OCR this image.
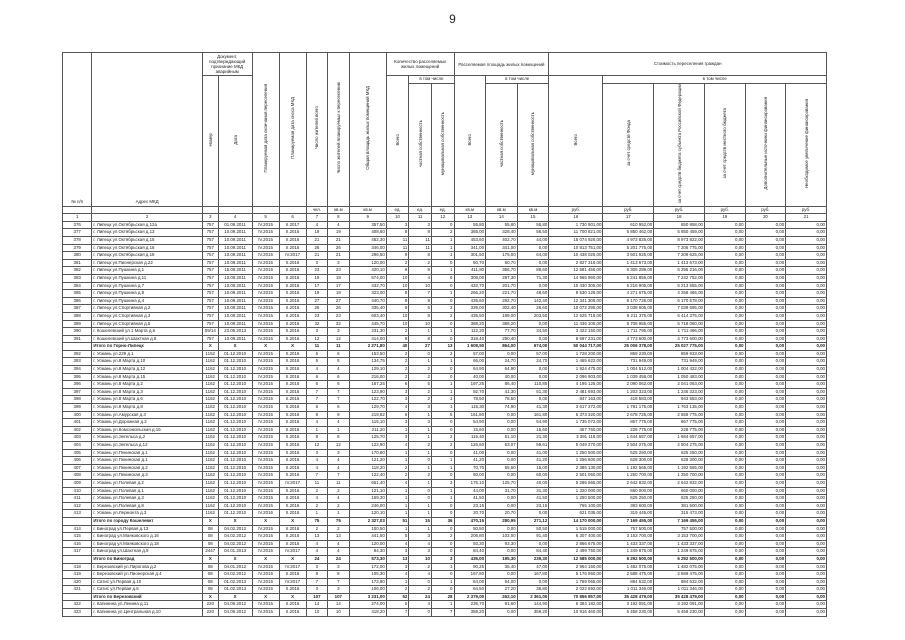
9
№ п/п	Адрес МКД	Документ, подтверждающий признание МКД аварийным		Планируемая дата окончания переселения	Планируемая дата сноса МКД	Число жителей всего	Число жителей планируемых к переселению	Общая площадь жилых помещений МКД	Количество расселяемых жилых помещений			Расселяемая площадь жилых помещений			Стоимость переселения граждан					
		Номер	Дата						Всего	в том числе		Всего	в том числе		Всего	в том числе				
										частная собственность	муниципальная собственность		частная собственность	муниципальная собственность		за счет средств Фонда	за счет средств бюджета субъекта Российской Федерации	за счет средств местного бюджета	Дополнительные источники финансирования	Необходимое увеличение финансирования
						чел.	кв.м	кв.м	ед.	ед.	ед.	кв.м	кв.м	кв.м	руб.	руб.	руб.	руб.	руб.	руб.
1	2	3	4	5	6	7	8	9	10	11	12	13	14	15	16	17	18	19	20	21
376	г. Липецк ул.Октябрьская д.12а	757	01.09.2011	IV.2015	II.2017	4	4	357,50	3	3	0	55,80	55,80	55,80	1 730 901,00	610 952,00	850 958,00	0,00	0,00	0,00
377	г. Липецк ул.Октябрьская д.13	757	10.09.2011	IV.2015	II.2016	19	19	408,60	8	8	2	365,00	328,40	56,50	11 700 821,00	5 850 462,00	5 850 459,00	0,00	0,00	0,00
378	г. Липецк ул.Октябрьская д.15	757	10.09.2011	IV.2015	II.2016	21	21	452,30	11	11	1	453,60	402,70	44,00	15 074 926,00	4 973 825,00	8 973 822,00	0,00	0,00	0,00
379	г. Липецк ул.Октябрьская д.16	757	10.09.2011	IV.2015	II.2016	26	26	346,00	11	11	1	341,00	341,00	0,00	10 813 751,00	5 201 775,00	7 206 775,00	0,00	0,00	0,00
380	г. Липецк ул.Октябрьская д.18	757	10.09.2011	IV.2015	IV.2017	21	21	296,50	9	8	1	301,50	175,00	64,00	10 438 026,00	3 501 925,00	7 209 625,00	0,00	0,00	0,00
381	г. Липецк ул.Пионерская д.22	757	10.09.2011	IV.2015	II.2016	3	3	120,00	2	2	0	60,70	60,70	0,00	2 827 316,00	1 413 673,00	1 413 673,00	0,00	0,00	0,00
382	г. Липецк ул.Пушкина д.1	757	15.09.2011	IV.2015	II.2016	23	23	420,10	9	8	1	411,80	356,70	88,60	12 591 456,00	6 305 289,00	6 295 216,00	0,00	0,00	0,00
383	г. Липецк ул.Пушкина д.11	757	10.09.2011	IV.2015	II.2016	19	19	574,00	10	4	6	308,00	297,30	71,30	14 965 990,00	5 241 855,00	7 242 752,00	0,00	0,00	0,00
384	г. Липецк ул.Пушкина д.7	757	10.09.2011	IV.2015	II.2016	17	17	432,70	10	10	0	432,70	201,70	0,00	10 430 305,00	5 216 905,00	5 213 555,00	0,00	0,00	0,00
385	г. Липецк ул.Пушкина д.9	757	10.09.2011	IV.2015	II.2016	19	19	323,00	8	7	1	266,20	221,70	48,60	8 530 126,00	4 271 675,00	4 258 466,00	0,00	0,00	0,00
386	г. Липецк ул.Пушкина д.4	757	10.09.2011	IV.2015	II.2016	27	27	440,70	9	9	0	436,60	292,70	142,40	12 341 306,00	6 170 728,00	6 170 578,00	0,00	0,00	0,00
387	г. Липецк ул.Спортивная д.2	757	10.09.2011	IV.2015	II.2016	26	26	335,40	9	6	3	339,00	302,40	26,60	10 072 295,00	3 038 605,00	7 039 695,00	0,00	0,00	0,00
388	г. Липецк ул.Спортивная д.3	757	10.09.2011	IV.2015	II.2016	23	23	603,40	10	8	2	435,50	199,00	203,50	12 625 718,00	6 211 375,00	6 414 375,00	0,00	0,00	0,00
389	г. Липецк ул.Спортивная д.5	757	10.09.2011	IV.2015	II.2016	32	32	445,70	10	10	0	388,20	388,20	0,00	11 436 105,00	5 708 955,00	5 718 060,00	0,00	0,00	0,00
390	г. Кошелевский ул.1 Марта д.6	09/14	23.05.2013	IV.2015	II.2016	3	3	231,30	2	1	1	112,20	77,70	34,50	3 422 150,00	1 711 795,00	1 711 496,00	0,00	0,00	0,00
391	г. Кошелевский ул.Шахтная д.8	757	10.09.2011	IV.2015	II.2016	12	12	414,00	8	8	0	318,40	290,40	0,00	8 697 231,00	4 773 600,00	4 773 600,00	0,00	0,00	0,00
	Итого по Горно-Липецк	X	X	X	X	11	11	2 271,80	40	27	13	1 608,50	864,00	674,00	50 044 717,00	25 006 378,00	25 027 775,00	0,00	0,00	0,00
392	г. Усмань ул.229 д.1	1152	01.12.2010	IV.2015	II.2016	6	6	153,50	2	0	2	57,00	0,00	57,00	1 728 200,00	869 230,00	859 933,00	0,00	0,00	0,00
393	г. Усмань ул.8 Марта д.10	1162	01.12.2010	IV.2015	II.2016	5	5	134,75	2	1	1	66,00	24,70	24,70	1 465 622,00	731 949,00	731 949,00	0,00	0,00	0,00
394	г. Усмань ул.8 Марта д.12	1162	01.12.2010	IV.2015	II.2016	4	4	129,10	2	2	0	64,90	64,90	0,00	1 924 475,00	1 004 512,00	1 004 422,00	0,00	0,00	0,00
395	г. Усмань ул.8 Марта д.15	1162	01.12.2010	IV.2015	II.2016	6	6	216,00	2	2	0	40,00	40,00	0,00	2 096 903,00	1 039 458,00	1 050 483,00	0,00	0,00	0,00
396	г. Усмань ул.8 Марта д.2	1162	01.12.2010	IV.2015	II.2016	6	6	167,25	6	5	1	197,25	86,40	110,85	4 195 125,00	2 090 062,00	2 041 063,00	0,00	0,00	0,00
397	г. Усмань ул.8 Марта д.3	1162	01.12.2010	IV.2015	II.2016	7	7	123,90	3	2	1	92,70	41,30	51,30	2 481 693,00	1 203 323,00	1 245 323,00	0,00	0,00	0,00
398	г. Усмань ул.8 Марта д.6	1162	01.12.2010	IV.2015	II.2016	7	7	122,70	3	2	1	78,50	78,50	0,00	847 163,00	416 583,00	943 583,00	0,00	0,00	0,00
399	г. Усмань ул.8 Марта д.8	1162	01.12.2010	IV.2015	II.2016	6	6	129,70	4	3	1	115,30	74,90	41,30	3 617 272,00	1 781 175,00	1 763 135,00	0,00	0,00	0,00
400	г. Усмань ул.Амурская д.3	1162	01.12.2010	IV.2015	II.2016	9	9	219,82	6	1	5	161,80	0,00	161,80	5 373 320,00	2 678 725,00	2 658 775,00	0,00	0,00	0,00
401	г. Усмань ул.Дорожная д.2	1162	01.12.2010	IV.2015	II.2016	4	4	115,10	3	3	0	54,90	0,00	54,90	1 735 072,00	867 775,00	867 775,00	0,00	0,00	0,00
402	г. Усмань ул.Комсомольская д.15	1162	01.12.2010	IV.2015	II.2016	1	1	211,20	1	1	0	15,60	0,00	15,60	457 750,00	228 775,00	228 775,00	0,00	0,00	0,00
403	г. Усмань ул.Энгельса д.2	1162	01.12.2010	IV.2015	II.2016	8	8	125,70	3	1	2	115,40	51,10	21,30	3 391 118,00	1 644 657,00	1 684 657,00	0,00	0,00	0,00
404	г. Усмань ул.Энгельса д.12	1162	01.12.2010	IV.2015	II.2016	12	12	122,90	4	2	2	126,60	63,07	59,61	5 049 270,00	2 504 275,00	2 504 275,00	0,00	0,00	0,00
405	г. Усмань ул.Пекинская д.1	1162	01.12.2010	IV.2015	II.2016	3	3	170,80	1	1	0	41,00	0,00	41,00	1 250 500,00	625 250,00	625 250,00	0,00	0,00	0,00
406	г. Усмань ул.Пекинская д.1	1162	01.12.2010	IV.2015	II.2016	4	4	121,20	1	0	1	41,20	0,00	41,20	1 256 600,00	628 300,00	628 300,00	0,00	0,00	0,00
407	г. Усмань ул.Пекинская д.2	1162	01.12.2010	IV.2015	II.2016	4	4	118,20	2	1	1	70,70	55,60	15,00	2 385 130,00	1 192 565,00	1 192 565,00	0,00	0,00	0,00
408	г. Усмань ул.Пекинская д.3	1162	01.12.2010	IV.2015	II.2016	7	7	122,40	2	2	0	60,00	0,00	60,00	2 501 050,00	1 250 700,00	1 250 700,00	0,00	0,00	0,00
409	г. Усмань ул.Полевая д.2	1162	01.12.2010	IV.2015	IV.2017	11	11	651,40	4	1	3	175,10	125,70	40,00	5 285 665,00	2 642 832,00	2 642 832,00	0,00	0,00	0,00
410	г. Усмань ул.Полевая д.1	1162	01.12.2010	IV.2015	II.2016	2	2	121,10	1	0	1	44,00	31,70	31,30	1 320 000,00	660 000,00	660 000,00	0,00	0,00	0,00
411	г. Усмань ул.Полевая д.3	1162	01.12.2010	IV.2015	II.2016	4	4	159,30	1	0	1	41,50	0,00	41,50	1 250 500,00	625 250,00	625 250,00	0,00	0,00	0,00
412	г. Усмань ул.Полевая д.8	1162	01.12.2010	IV.2015	II.2016	2	2	246,00	1	1	0	23,15	0,00	23,15	765 100,00	383 600,00	381 500,00	0,00	0,00	0,00
413	г. Усмань ул.Лермонта д.3	1162	01.12.2010	IV.2016	II.2016	1	1	120,10	1	1	0	20,70	20,70	0,00	621 035,00	319 445,00	315 473,00	0,00	0,00	0,00
	Итого по городу Кошелевкт	X	X	X	X	75	75	2 327,03	51	15	36	470,15	280,95	271,12	14 170 000,00	7 169 455,00	7 169 455,00	0,00	0,00	0,00
414	г. Биноград ул.Первая д.13	08	04.02.2012	IV.2015	II.2016	2	2	100,50	1	1	0	50,50	0,00	50,50	1 515 000,00	757 500,00	757 500,00	0,00	0,00	0,00
415	г. Биноград ул.Маяковского д.16	08	04.02.2012	IV.2015	II.2016	13	13	441,50	5	3	2	206,80	102,00	91,40	6 307 400,00	3 153 700,00	3 153 700,00	0,00	0,00	0,00
416	г. Биноград ул.Маяковского д.18	08	04.02.2012	IV.2015	II.2016	4	4	120,00	4	4	0	93,30	93,30	0,00	2 866 675,00	1 433 337,00	1 433 337,00	0,00	0,00	0,00
417	г. Биноград ул.Шахтная д.9	2447	04.01.2013	IV.2015	IV.2017	4	4	84,30	3	3	0	84,40	0,00	84,40	2 499 750,00	1 249 875,00	1 249 875,00	0,00	0,00	0,00
	Итого по Биноград	X	X	X	X	24	24	573,30	13	10	3	435,00	195,30	239,30	12 585 000,00	6 292 500,00	6 292 500,00	0,00	0,00	0,00
418	г. Березовский ул.Пирогова д.2	08	04.01.2012	IV.2015	IV.2017	3	3	172,00	3	2	1	90,25	35,40	47,00	2 964 150,00	1 482 075,00	1 482 075,00	0,00	0,00	0,00
419	г. Березовский ул.Пионерская д.4	08	04.02.2012	IV.2015	II.2016	8	8	105,30	4	4	0	167,80	0,00	167,80	5 176 950,00	2 588 475,00	2 588 475,00	0,00	0,00	0,00
420	г. Сатис ул.Первая д.10	08	01.02.2013	IV.2015	IV.2017	7	7	172,80	1	0	1	64,00	64,00	0,00	1 769 065,00	884 532,00	884 532,00	0,00	0,00	0,00
421	г. Сатис ул.Первая д.6	08	01.02.2013	IV.2015	II.2016	3	3	106,00	2	2	0	64,50	27,20	36,80	2 022 692,00	1 011 346,00	1 011 346,00	0,00	0,00	0,00
	Итого по Березовский	X	X	X	X	107	107	3 231,00	52	24	28	2 379,00	262,10	2 361,00	70 856 957,00	35 428 479,00	35 428 479,00	0,00	0,00	0,00
422	г. Калинина ул.Ленина д.11	220	04.09.2012	IV.2015	II.2016	14	14	274,00	5	4	1	236,70	91,60	144,90	6 384 182,00	3 192 091,00	3 192 091,00	0,00	0,00	0,00
423	г. Калинина ул.Центральная д.10	220	04.09.2012	IV.2015	II.2016	10	10	418,20	7	0	7	359,20	0,00	359,20	10 916 460,00	5 458 230,00	5 458 230,00	0,00	0,00	0,00
